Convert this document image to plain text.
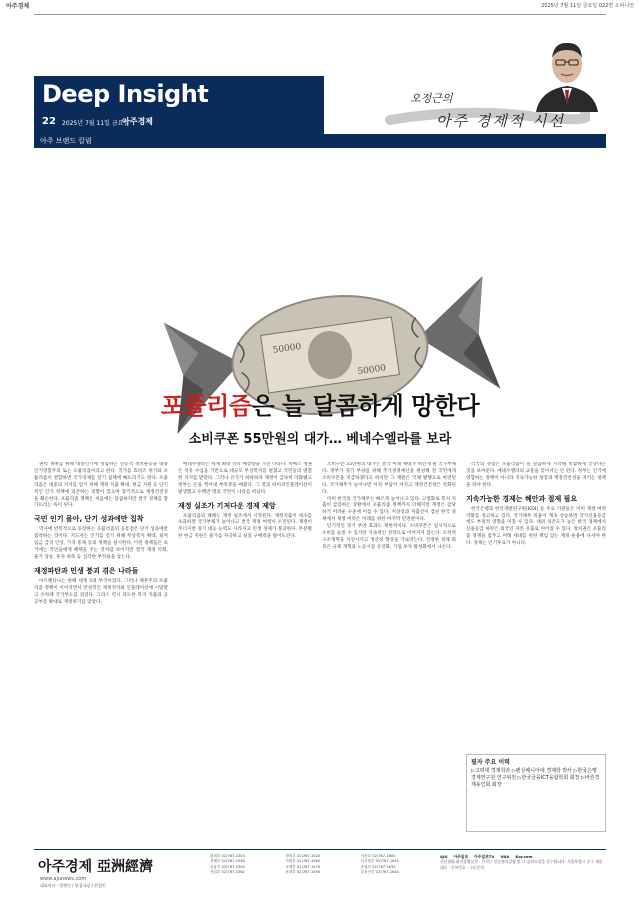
아주경제	2025년 7월 11일 금요일 022면 오피니언
Deep Insight
22 2025년 7월 11일 금요일
아주경제
아주 브랜드 칼럼
오정근의
아주 경제적 시선
50000
50000
포퓰리즘은 늘 달콤하게 망한다
소비쿠폰 55만원의 대가… 베네수엘라를 보라

권력 쟁취를 위해 대중인기에 영합하는 선동적 정치운동을 대중인기영합주의 또는 포퓰리즘이라고 한다. 국가를 효비즈 위기와 포퓰리즘이 결합하면 국가경제를 장기 침체에 빠뜨리기도 한다. 포퓰리즘은 대중의 지지를 얻기 위해 재정 지출 확대, 현금 지원 등 단기적인 인기 정책에 의존하는 경향이 있으며 장기적으로 재정건전성을 훼손한다. 포퓰리즘 정책은 처음에는 달콤하지만 결국 경제를 망가뜨리는 독이 된다.

국민 인기 몰아, 단기 성과에만 집착

역사에 반복적으로 등장하는 포퓰리즘의 공통점은 단기 성과에만 집착하는 것이다. 지도자는 인기를 얻기 위해 무상복지 확대, 최저임금 급격 인상, 가격 통제 등의 정책을 실시한다. 이런 정책들은 초기에는 국민들에게 혜택을 주는 것처럼 보이지만 결국 재정 악화, 물가 상승, 투자 위축 등 심각한 부작용을 낳는다.

재정파탄과 민생 붕괴 겪은 나라들

아르헨티나는 한때 세계 5대 부국이었다. 그러나 페론주의 포퓰리즘 정책이 이어지면서 만성적인 재정적자와 인플레이션에 시달렸고 수차례 국가부도를 겪었다. 그리스 역시 과도한 복지 지출과 공공부문 확대로 재정위기를 맞았다.

베네수엘라는 세계 최대 석유 매장량을 가진 나라다. 차베스 정권은 석유 수입을 기반으로 대규모 무상복지를 펼쳤고 국민들의 열렬한 지지를 받았다. 그러나 유가가 하락하자 재정이 급속히 악화됐고 정부는 돈을 찍어내 부족분을 메웠다. 그 결과 하이퍼인플레이션이 발생했고 수백만 명의 국민이 나라를 떠났다.

재정 실조가 기저다운 경제 제앙

포퓰리즘의 폐해는 재정 실조에서 시작된다. 재정지출이 세수를 초과하면 국가부채가 늘어나고 결국 재정 여력이 소진된다. 재정이 무너지면 경기 대응 능력도 사라지고 민생 경제가 붕괴한다. 무분별한 현금 지원은 물가를 자극하고 실질 구매력을 떨어뜨린다.

소비쿠폰 55만원의 대가는 결국 미래 세대가 떠안게 될 국가부채다. 정부가 경기 부양을 위해 추가경정예산을 편성해 전 국민에게 소비쿠폰을 지급하겠다고 하지만 그 재원은 국채 발행으로 마련된다. 국가채무가 늘어나면 이자 부담이 커지고 재정건전성은 악화된다.

이미 한국의 국가채무는 빠르게 늘어나고 있다. 고령화로 복지 지출이 급증하는 상황에서 포퓰리즘 정책까지 더해지면 재정은 감당하기 어려운 수준에 이를 수 있다. 저성장과 저출산이 겹친 한국 경제에서 재정 여력은 미래를 위한 마지막 안전판이다.

단기적인 경기 부양 효과도 제한적이다. 소비쿠폰은 일시적으로 소비를 늘릴 수 있지만 지속적인 성장으로 이어지지 않는다. 오히려 구조개혁을 지연시키고 생산성 향상을 가로막는다. 진정한 경제 회복은 규제 개혁과 노동시장 유연화, 기업 투자 활성화에서 나온다.

각국의 경험은 포퓰리즘이 늘 달콤하게 시작해 비참하게 끝난다는 것을 보여준다. 베네수엘라의 교훈을 잊어서는 안 된다. 정부는 인기에 영합하는 정책이 아니라 지속가능한 성장과 재정건전성을 지키는 정책을 펴야 한다.

지속가능한 경제는 혜안과 절제 필요

한국은행과 한국개발연구원(KDI) 등 주요 기관들은 이미 재정 여력 약화를 경고하고 있다. 국가채무 비율이 계속 상승하면 국가신용등급에도 부정적 영향을 미칠 수 있다. 대외 의존도가 높은 한국 경제에서 신용등급 하락은 외국인 자본 유출로 이어질 수 있다. 정치권은 포퓰리즘 경쟁을 멈추고 미래 세대를 위한 책임 있는 재정 운용에 나서야 한다. 경제는 인기투표가 아니다.

필자 주요 이력
▷고려대 경제학과 ▷펜실베니아대 경제학 박사 ▷한국은행 경제연구원 연구위원 ▷한국금융ICT융합학회 회장 ▷바른경제동인회 회장
아주경제 亞洲經濟
www.ajunews.com
대표이사 · 발행인 / 편집국장 / 편집인
편집부 02)767-1503
경제부 02)767-1548
금융부 02)767-1500
산업부 02)767-1562
정치부 02)767-1520
사회부 02)767-1582
국제부 02)767-1570
문화부 02)767-1590
사진부 02)767-1600
디지털부 02)767-1610
증권부 02)767-1630
부동산부 02)767-1640
AJU 아주일보 아주일보TV VNA Kor.com
신문협회·윤리강령실천 · 본지는 신문윤리강령 및 그 실천요강을 준수합니다. 서울특별시 중구 세종대로 · 등록번호 · 구독문의
